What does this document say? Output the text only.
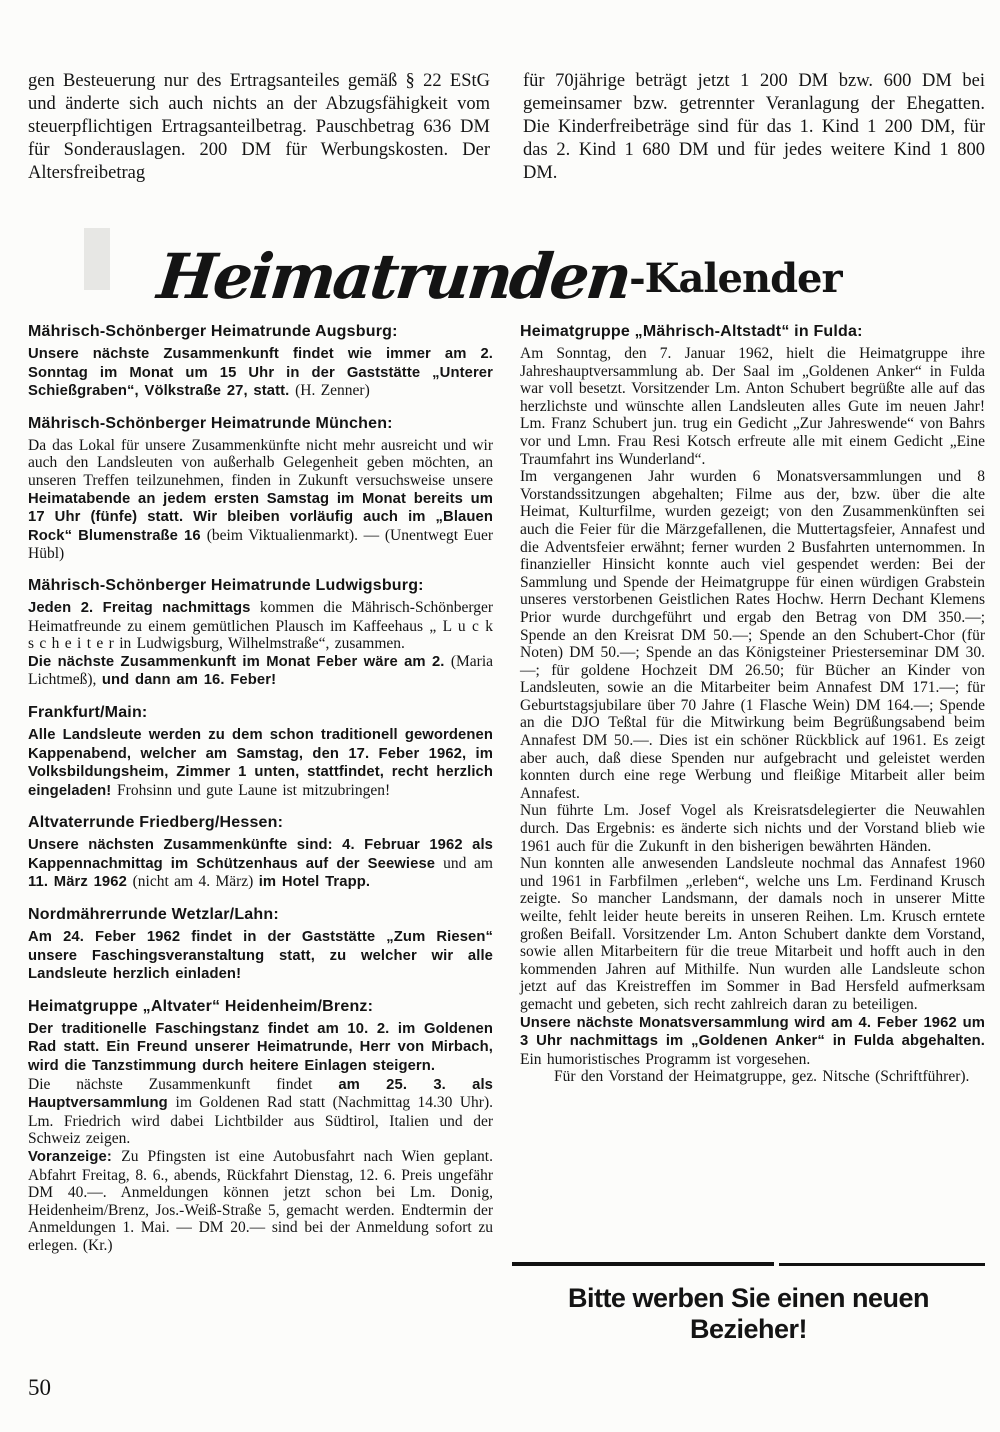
gen Besteuerung nur des Ertragsanteiles gemäß § 22 EStG und änderte sich auch nichts an der Abzugsfähigkeit vom steuerpflichtigen Ertragsanteilbetrag. Pauschbetrag 636 DM für Sonderauslagen. 200 DM für Werbungskosten. Der Altersfreibetrag
für 70jährige beträgt jetzt 1 200 DM bzw. 600 DM bei gemeinsamer bzw. getrennter Veranlagung der Ehegatten. Die Kinderfreibeträge sind für das 1. Kind 1 200 DM, für das 2. Kind 1 680 DM und für jedes weitere Kind 1 800 DM.
Heimatrunden-Kalender
Mährisch-Schönberger Heimatrunde Augsburg:

Unsere nächste Zusammenkunft findet wie immer am 2. Sonntag im Monat um 15 Uhr in der Gaststätte „Unterer Schießgraben“, Völkstraße 27, statt. (H. Zenner)

Mährisch-Schönberger Heimatrunde München:

Da das Lokal für unsere Zusammenkünfte nicht mehr ausreicht und wir auch den Landsleuten von außerhalb Gelegenheit geben möchten, an unseren Treffen teilzunehmen, finden in Zukunft versuchsweise unsere Heimatabende an jedem ersten Samstag im Monat bereits um 17 Uhr (fünfe) statt. Wir bleiben vorläufig auch im „Blauen Rock“ Blumenstraße 16 (beim Viktualienmarkt). — (Unentwegt Euer Hübl)

Mährisch-Schönberger Heimatrunde Ludwigsburg:

Jeden 2. Freitag nachmittags kommen die Mährisch-Schönberger Heimatfreunde zu einem gemütlichen Plausch im Kaffeehaus „ L u c k s c h e i t e r in Ludwigsburg, Wilhelmstraße“, zusammen.

Die nächste Zusammenkunft im Monat Feber wäre am 2. (Maria Lichtmeß), und dann am 16. Feber!

Frankfurt/Main:

Alle Landsleute werden zu dem schon traditionell gewordenen Kappenabend, welcher am Samstag, den 17. Feber 1962, im Volksbildungsheim, Zimmer 1 unten, stattfindet, recht herzlich eingeladen! Frohsinn und gute Laune ist mitzubringen!

Altvaterrunde Friedberg/Hessen:

Unsere nächsten Zusammenkünfte sind: 4. Februar 1962 als Kappennachmittag im Schützenhaus auf der Seewiese und am 11. März 1962 (nicht am 4. März) im Hotel Trapp.

Nordmährerrunde Wetzlar/Lahn:

Am 24. Feber 1962 findet in der Gaststätte „Zum Riesen“ unsere Faschingsveranstaltung statt, zu welcher wir alle Landsleute herzlich einladen!

Heimatgruppe „Altvater“ Heidenheim/Brenz:

Der traditionelle Faschingstanz findet am 10. 2. im Goldenen Rad statt. Ein Freund unserer Heimatrunde, Herr von Mirbach, wird die Tanzstimmung durch heitere Einlagen steigern.

Die nächste Zusammenkunft findet am 25. 3. als Hauptversammlung im Goldenen Rad statt (Nachmittag 14.30 Uhr). Lm. Friedrich wird dabei Lichtbilder aus Südtirol, Italien und der Schweiz zeigen.

Voranzeige: Zu Pfingsten ist eine Autobusfahrt nach Wien geplant. Abfahrt Freitag, 8. 6., abends, Rückfahrt Dienstag, 12. 6. Preis ungefähr DM 40.—. Anmeldungen können jetzt schon bei Lm. Donig, Heidenheim/Brenz, Jos.-Weiß-Straße 5, gemacht werden. Endtermin der Anmeldungen 1. Mai. — DM 20.— sind bei der Anmeldung sofort zu erlegen. (Kr.)

Heimatgruppe „Mährisch-Altstadt“ in Fulda:

Am Sonntag, den 7. Januar 1962, hielt die Heimatgruppe ihre Jahreshauptversammlung ab. Der Saal im „Goldenen Anker“ in Fulda war voll besetzt. Vorsitzender Lm. Anton Schubert begrüßte alle auf das herzlichste und wünschte allen Landsleuten alles Gute im neuen Jahr! Lm. Franz Schubert jun. trug ein Gedicht „Zur Jahreswende“ von Bahrs vor und Lmn. Frau Resi Kotsch erfreute alle mit einem Gedicht „Eine Traumfahrt ins Wunderland“.

Im vergangenen Jahr wurden 6 Monatsversammlungen und 8 Vorstandssitzungen abgehalten; Filme aus der, bzw. über die alte Heimat, Kulturfilme, wurden gezeigt; von den Zusammenkünften sei auch die Feier für die Märzgefallenen, die Muttertagsfeier, Annafest und die Adventsfeier erwähnt; ferner wurden 2 Busfahrten unternommen. In finanzieller Hinsicht konnte auch viel gespendet werden: Bei der Sammlung und Spende der Heimatgruppe für einen würdigen Grabstein unseres verstorbenen Geistlichen Rates Hochw. Herrn Dechant Klemens Prior wurde durchgeführt und ergab den Betrag von DM 350.—; Spende an den Kreisrat DM 50.—; Spende an den Schubert-Chor (für Noten) DM 50.—; Spende an das Königsteiner Priesterseminar DM 30.—; für goldene Hochzeit DM 26.50; für Bücher an Kinder von Landsleuten, sowie an die Mitarbeiter beim Annafest DM 171.—; für Geburtstagsjubilare über 70 Jahre (1 Flasche Wein) DM 164.—; Spende an die DJO Teßtal für die Mitwirkung beim Begrüßungsabend beim Annafest DM 50.—. Dies ist ein schöner Rückblick auf 1961. Es zeigt aber auch, daß diese Spenden nur aufgebracht und geleistet werden konnten durch eine rege Werbung und fleißige Mitarbeit aller beim Annafest.

Nun führte Lm. Josef Vogel als Kreisratsdelegierter die Neuwahlen durch. Das Ergebnis: es änderte sich nichts und der Vorstand blieb wie 1961 auch für die Zukunft in den bisherigen bewährten Händen.

Nun konnten alle anwesenden Landsleute nochmal das Annafest 1960 und 1961 in Farbfilmen „erleben“, welche uns Lm. Ferdinand Krusch zeigte. So mancher Landsmann, der damals noch in unserer Mitte weilte, fehlt leider heute bereits in unseren Reihen. Lm. Krusch erntete großen Beifall. Vorsitzender Lm. Anton Schubert dankte dem Vorstand, sowie allen Mitarbeitern für die treue Mitarbeit und hofft auch in den kommenden Jahren auf Mithilfe. Nun wurden alle Landsleute schon jetzt auf das Kreistreffen im Sommer in Bad Hersfeld aufmerksam gemacht und gebeten, sich recht zahlreich daran zu beteiligen.

Unsere nächste Monatsversammlung wird am 4. Feber 1962 um 3 Uhr nachmittags im „Goldenen Anker“ in Fulda abgehalten. Ein humoristisches Programm ist vorgesehen.

Für den Vorstand der Heimatgruppe, gez. Nitsche (Schriftführer).

Bitte werben Sie einen neuen Bezieher!
50
